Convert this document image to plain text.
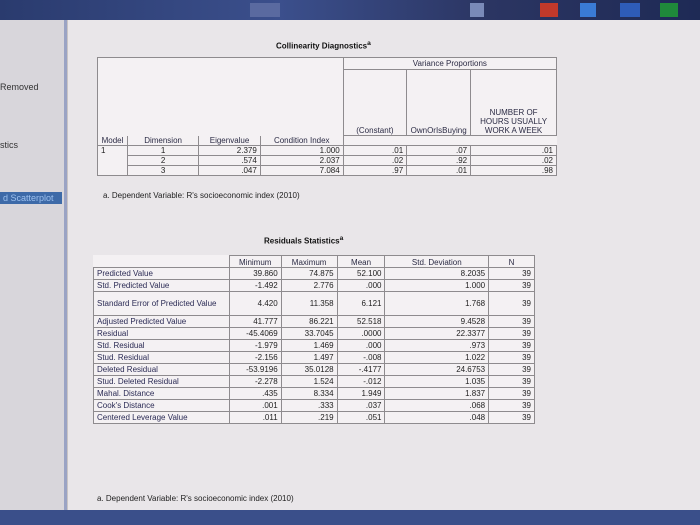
Removed
stics
d Scatterplot
Collinearity Diagnostics$^a$
				Variance Proportions		
				(Constant)	OwnOrIsBuying	NUMBER OF HOURS USUALLY WORK A WEEK
Model	Dimension	Eigenvalue	Condition Index			
1	1	2.379	1.000	.01	.07	.01
	2	.574	2.037	.02	.92	.02
	3	.047	7.084	.97	.01	.98
a. Dependent Variable: R's socioeconomic index (2010)
Residuals Statistics$^a$
	Minimum	Maximum	Mean	Std. Deviation	N
Predicted Value	39.860	74.875	52.100	8.2035	39
Std. Predicted Value	-1.492	2.776	.000	1.000	39
Standard Error of Predicted Value	4.420	11.358	6.121	1.768	39
Adjusted Predicted Value	41.777	86.221	52.518	9.4528	39
Residual	-45.4069	33.7045	.0000	22.3377	39
Std. Residual	-1.979	1.469	.000	.973	39
Stud. Residual	-2.156	1.497	-.008	1.022	39
Deleted Residual	-53.9196	35.0128	-.4177	24.6753	39
Stud. Deleted Residual	-2.278	1.524	-.012	1.035	39
Mahal. Distance	.435	8.334	1.949	1.837	39
Cook's Distance	.001	.333	.037	.068	39
Centered Leverage Value	.011	.219	.051	.048	39
a. Dependent Variable: R's socioeconomic index (2010)
